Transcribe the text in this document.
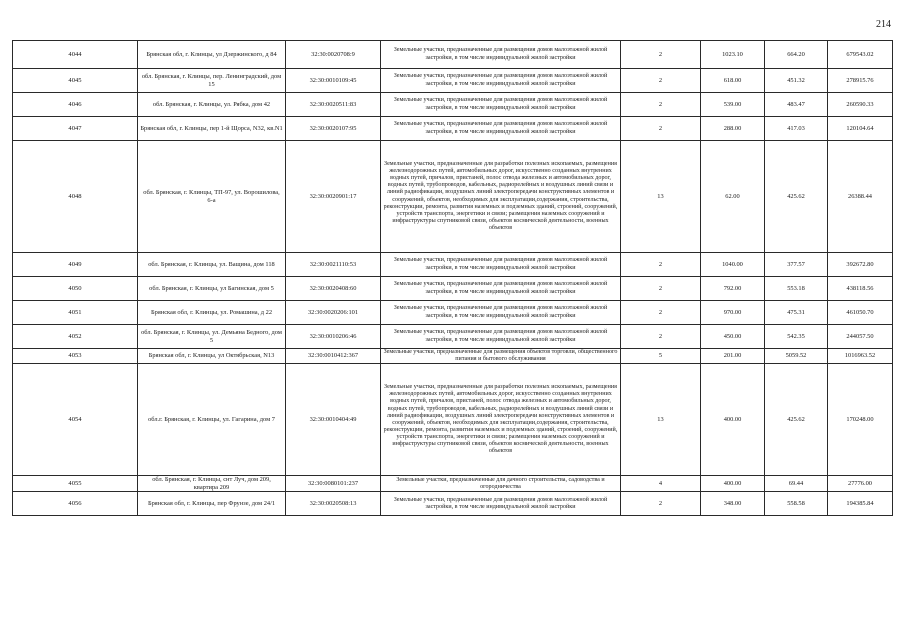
214
4044	Брянская обл, г. Клинцы, ул Дзержинского, д 84	32:30:0020708:9	Земельные участки, предназначенные для размещения домов малоэтажной жилой застройки, в том числе индивидуальной жилой застройки	2	1023.10	664.20	679543.02
4045	обл. Брянская, г. Клинцы, пер. Ленинградский, дом 15	32:30:0010109:45	Земельные участки, предназначенные для размещения домов малоэтажной жилой застройки, в том числе индивидуальной жилой застройки	2	618.00	451.32	278915.76
4046	обл. Брянская, г. Клинцы, ул. Рябка, дом 42	32:30:0020511:83	Земельные участки, предназначенные для размещения домов малоэтажной жилой застройки, в том числе индивидуальной жилой застройки	2	539.00	483.47	260590.33
4047	Брянская обл, г. Клинцы, пер 1-й Щорса, N32, кв.N1	32:30:0020107:95	Земельные участки, предназначенные для размещения домов малоэтажной жилой застройки, в том числе индивидуальной жилой застройки	2	288.00	417.03	120104.64
4048	обл. Брянская, г. Клинцы, ТП-97, ул. Ворошилова, 6-а	32:30:0020901:17	Земельные участки, предназначенные для разработки полезных ископаемых, размещения железнодорожных путей, автомобильных дорог, искусственно созданных внутренних водных путей, причалов, пристаней, полос отвода железных и автомобильных дорог, водных путей, трубопроводов, кабельных, радиорелейных и воздушных линий связи и линий радиофикации, воздушных линий электропередачи конструктивных элементов и сооружений, объектов, необходимых для эксплуатации,содержания, строительства, реконструкции, ремонта, развития наземных и подземных зданий, строений, сооружений, устройств транспорта, энергетики и связи; размещения наземных сооружений и инфраструктуры спутниковой связи, объектов космической деятельности, военных объектов	13	62.00	425.62	26388.44
4049	обл. Брянская, г. Клинцы, ул. Ващина, дом 118	32:30:0021110:53	Земельные участки, предназначенные для размещения домов малоэтажной жилой застройки, в том числе индивидуальной жилой застройки	2	1040.00	377.57	392672.80
4050	обл. Брянская, г. Клинцы, ул Багинская, дом 5	32:30:0020408:60	Земельные участки, предназначенные для размещения домов малоэтажной жилой застройки, в том числе индивидуальной жилой застройки	2	792.00	553.18	438118.56
4051	Брянская обл, г. Клинцы, ул. Ромашина, д 22	32:30:0020206:101	Земельные участки, предназначенные для размещения домов малоэтажной жилой застройки, в том числе индивидуальной жилой застройки	2	970.00	475.31	461050.70
4052	обл. Брянская, г. Клинцы, ул. Демьяна Бедного, дом 5	32:30:0010206:46	Земельные участки, предназначенные для размещения домов малоэтажной жилой застройки, в том числе индивидуальной жилой застройки	2	450.00	542.35	244057.50
4053	Брянская обл, г. Клинцы, ул Октябрьская, N13	32:30:0010412:367	Земельные участки, предназначенные для размещения объектов торговли, общественного питания и бытового обслуживания	5	201.00	5059.52	1016963.52
4054	обл.г. Брянская, г. Клинцы, ул. Гагарина, дом 7	32:30:0010404:49	Земельные участки, предназначенные для разработки полезных ископаемых, размещения железнодорожных путей, автомобильных дорог, искусственно созданных внутренних водных путей, причалов, пристаней, полос отвода железных и автомобильных дорог, водных путей, трубопроводов, кабельных, радиорелейных и воздушных линий связи и линий радиофикации, воздушных линий электропередачи конструктивных элементов и сооружений, объектов, необходимых для эксплуатации,содержания, строительства, реконструкции, ремонта, развития наземных и подземных зданий, строений, сооружений, устройств транспорта, энергетики и связи; размещения наземных сооружений и инфраструктуры спутниковой связи, объектов космической деятельности, военных объектов	13	400.00	425.62	170248.00
4055	обл. Брянская, г. Клинцы, снт Луч, дом 209, квартира 209	32:30:0080101:237	Земельные участки, предназначенные для дачного строительства, садоводства и огородничества	4	400.00	69.44	27776.00
4056	Брянская обл, г. Клинцы, пер Фрунзе, дом 24/1	32:30:0020508:13	Земельные участки, предназначенные для размещения домов малоэтажной жилой застройки, в том числе индивидуальной жилой застройки	2	348.00	558.58	194385.84
